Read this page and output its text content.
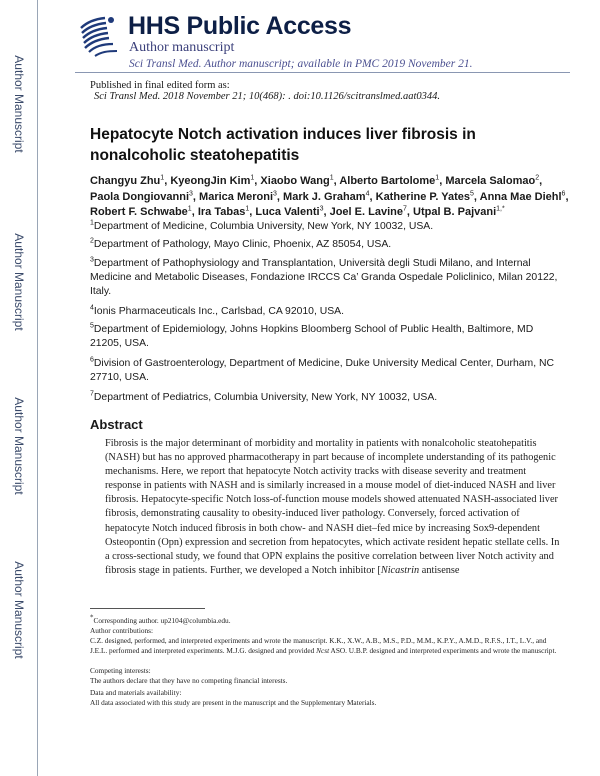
Author Manuscript
Author Manuscript
Author Manuscript
Author Manuscript
HHS Public Access
Author manuscript
Sci Transl Med. Author manuscript; available in PMC 2019 November 21.
Published in final edited form as:
Sci Transl Med. 2018 November 21; 10(468): . doi:10.1126/scitranslmed.aat0344.
Hepatocyte Notch activation induces liver fibrosis in nonalcoholic steatohepatitis
Changyu Zhu$^1$, KyeongJin Kim$^1$, Xiaobo Wang$^1$, Alberto Bartolome$^1$, Marcela Salomao$^2$, Paola Dongiovanni$^3$, Marica Meroni$^3$, Mark J. Graham$^4$, Katherine P. Yates$^5$, Anna Mae Diehl$^6$, Robert F. Schwabe$^1$, Ira Tabas$^1$, Luca Valenti$^3$, Joel E. Lavine$^7$, Utpal B. Pajvani$^{1,*}$
$^1$Department of Medicine, Columbia University, New York, NY 10032, USA.
$^2$Department of Pathology, Mayo Clinic, Phoenix, AZ 85054, USA.
$^3$Department of Pathophysiology and Transplantation, Università degli Studi Milano, and Internal Medicine and Metabolic Diseases, Fondazione IRCCS Ca’ Granda Ospedale Policlinico, Milan 20122, Italy.
$^4$Ionis Pharmaceuticals Inc., Carlsbad, CA 92010, USA.
$^5$Department of Epidemiology, Johns Hopkins Bloomberg School of Public Health, Baltimore, MD 21205, USA.
$^6$Division of Gastroenterology, Department of Medicine, Duke University Medical Center, Durham, NC 27710, USA.
$^7$Department of Pediatrics, Columbia University, New York, NY 10032, USA.
Abstract

Fibrosis is the major determinant of morbidity and mortality in patients with nonalcoholic steatohepatitis (NASH) but has no approved pharmacotherapy in part because of incomplete understanding of its pathogenic mechanisms. Here, we report that hepatocyte Notch activity tracks with disease severity and treatment response in patients with NASH and is similarly increased in a mouse model of diet-induced NASH and liver fibrosis. Hepatocyte-specific Notch loss-of-function mouse models showed attenuated NASH-associated liver fibrosis, demonstrating causality to obesity-induced liver pathology. Conversely, forced activation of hepatocyte Notch induced fibrosis in both chow- and NASH diet–fed mice by increasing Sox9-dependent Osteopontin (Opn) expression and secretion from hepatocytes, which activate resident hepatic stellate cells. In a cross-sectional study, we found that OPN explains the positive correlation between liver Notch activity and fibrosis stage in patients. Further, we developed a Notch inhibitor [Nicastrin antisense

*Corresponding author. up2104@columbia.edu.
Author contributions:
C.Z. designed, performed, and interpreted experiments and wrote the manuscript. K.K., X.W., A.B., M.S., P.D., M.M., K.P.Y., A.M.D., R.F.S., I.T., L.V., and J.E.L. performed and interpreted experiments. M.J.G. designed and provided Ncst ASO. U.B.P. designed and interpreted experiments and wrote the manuscript.
Competing interests:
The authors declare that they have no competing financial interests.
Data and materials availability:
All data associated with this study are present in the manuscript and the Supplementary Materials.
